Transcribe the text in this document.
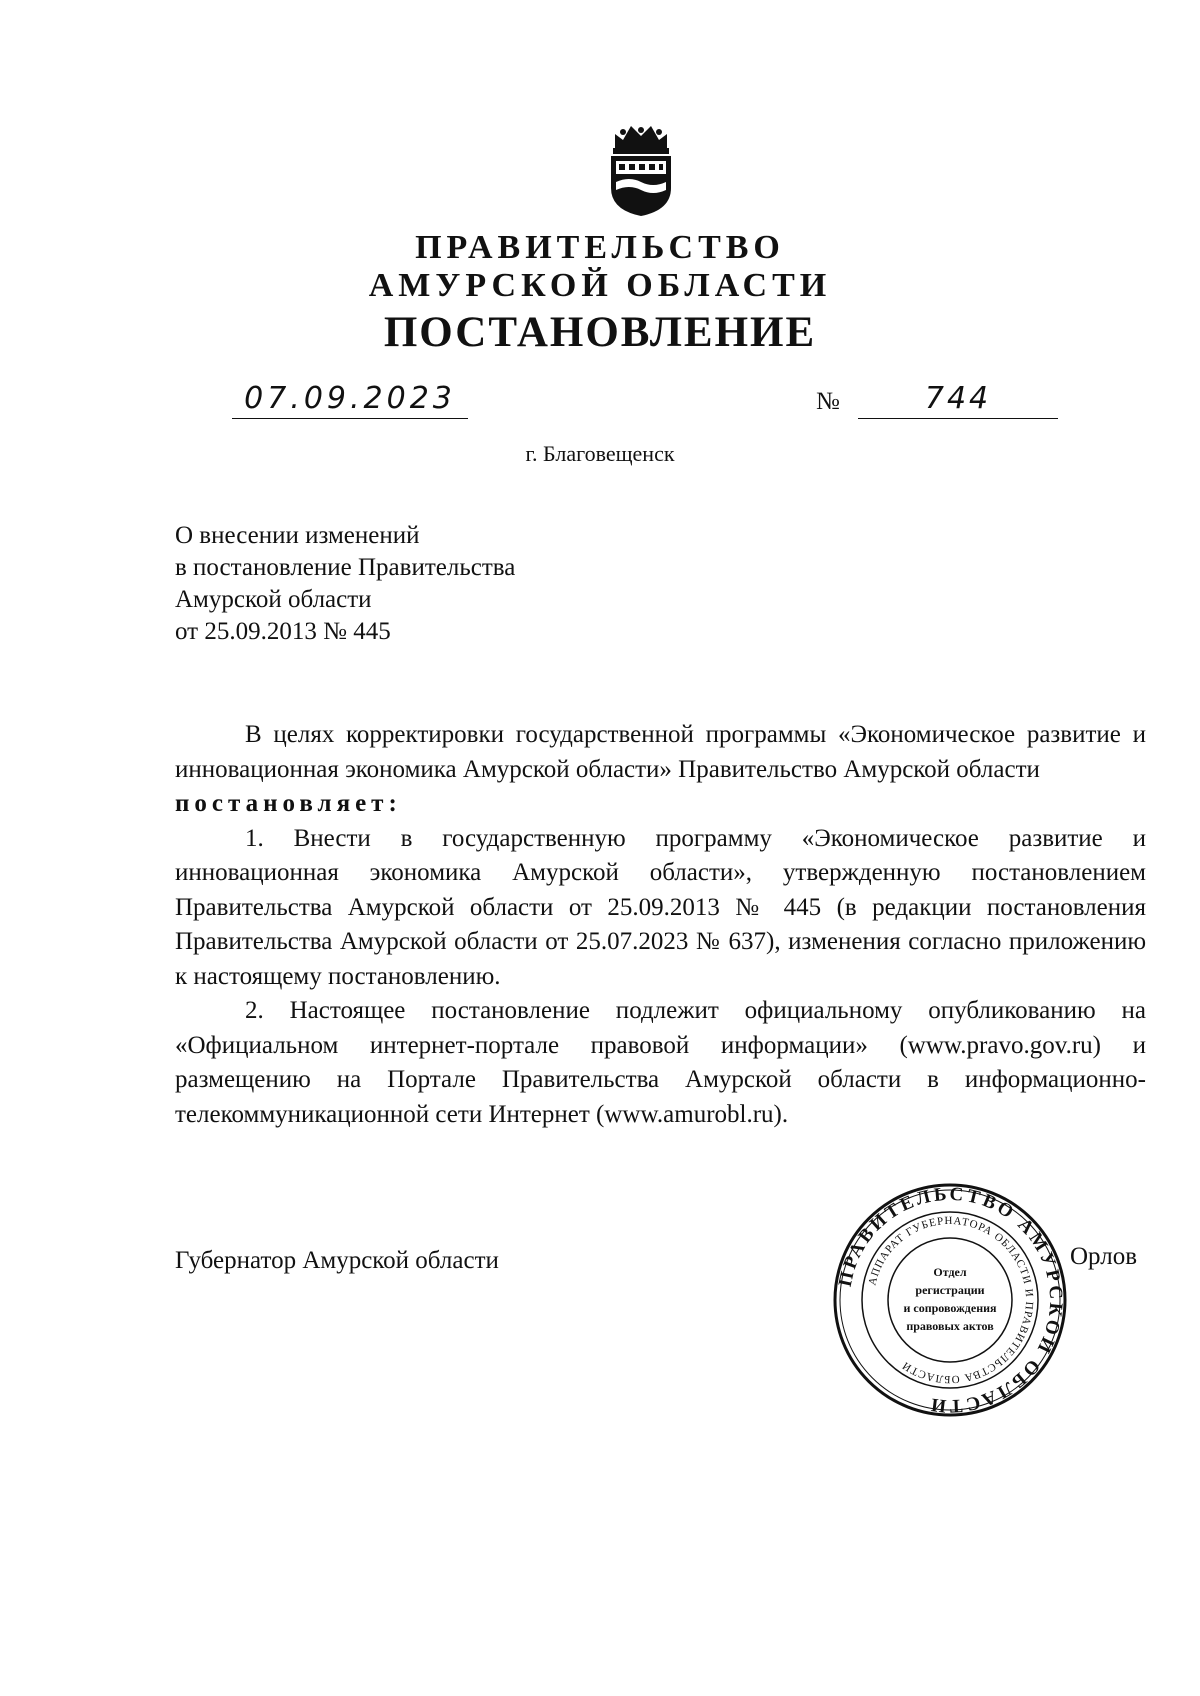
ПРАВИТЕЛЬСТВО
АМУРСКОЙ ОБЛАСТИ
ПОСТАНОВЛЕНИЕ
07.09.2023	№	744
г. Благовещенск
О внесении изменений
в постановление Правительства
Амурской области
от 25.09.2013 № 445

В целях корректировки государственной программы «Экономическое развитие и инновационная экономика Амурской области» Правительство Амурской области

постановляет:

1. Внести в государственную программу «Экономическое развитие и инновационная экономика Амурской области», утвержденную постановлением Правительства Амурской области от 25.09.2013 № 445 (в редакции постановления Правительства Амурской области от 25.07.2023 № 637), изменения согласно приложению к настоящему постановлению.

2. Настоящее постановление подлежит официальному опубликованию на «Официальном интернет-портале правовой информации» (www.pravo.gov.ru) и размещению на Портале Правительства Амурской области в информационно-телекоммуникационной сети Интернет (www.amurobl.ru).

Губернатор Амурской области	Орлов
ПРАВИТЕЛЬСТВО АМУРСКОЙ ОБЛАСТИ
АППАРАТ ГУБЕРНАТОРА ОБЛАСТИ И ПРАВИТЕЛЬСТВА ОБЛАСТИ
Отдел
регистрации
и сопровождения
правовых актов
